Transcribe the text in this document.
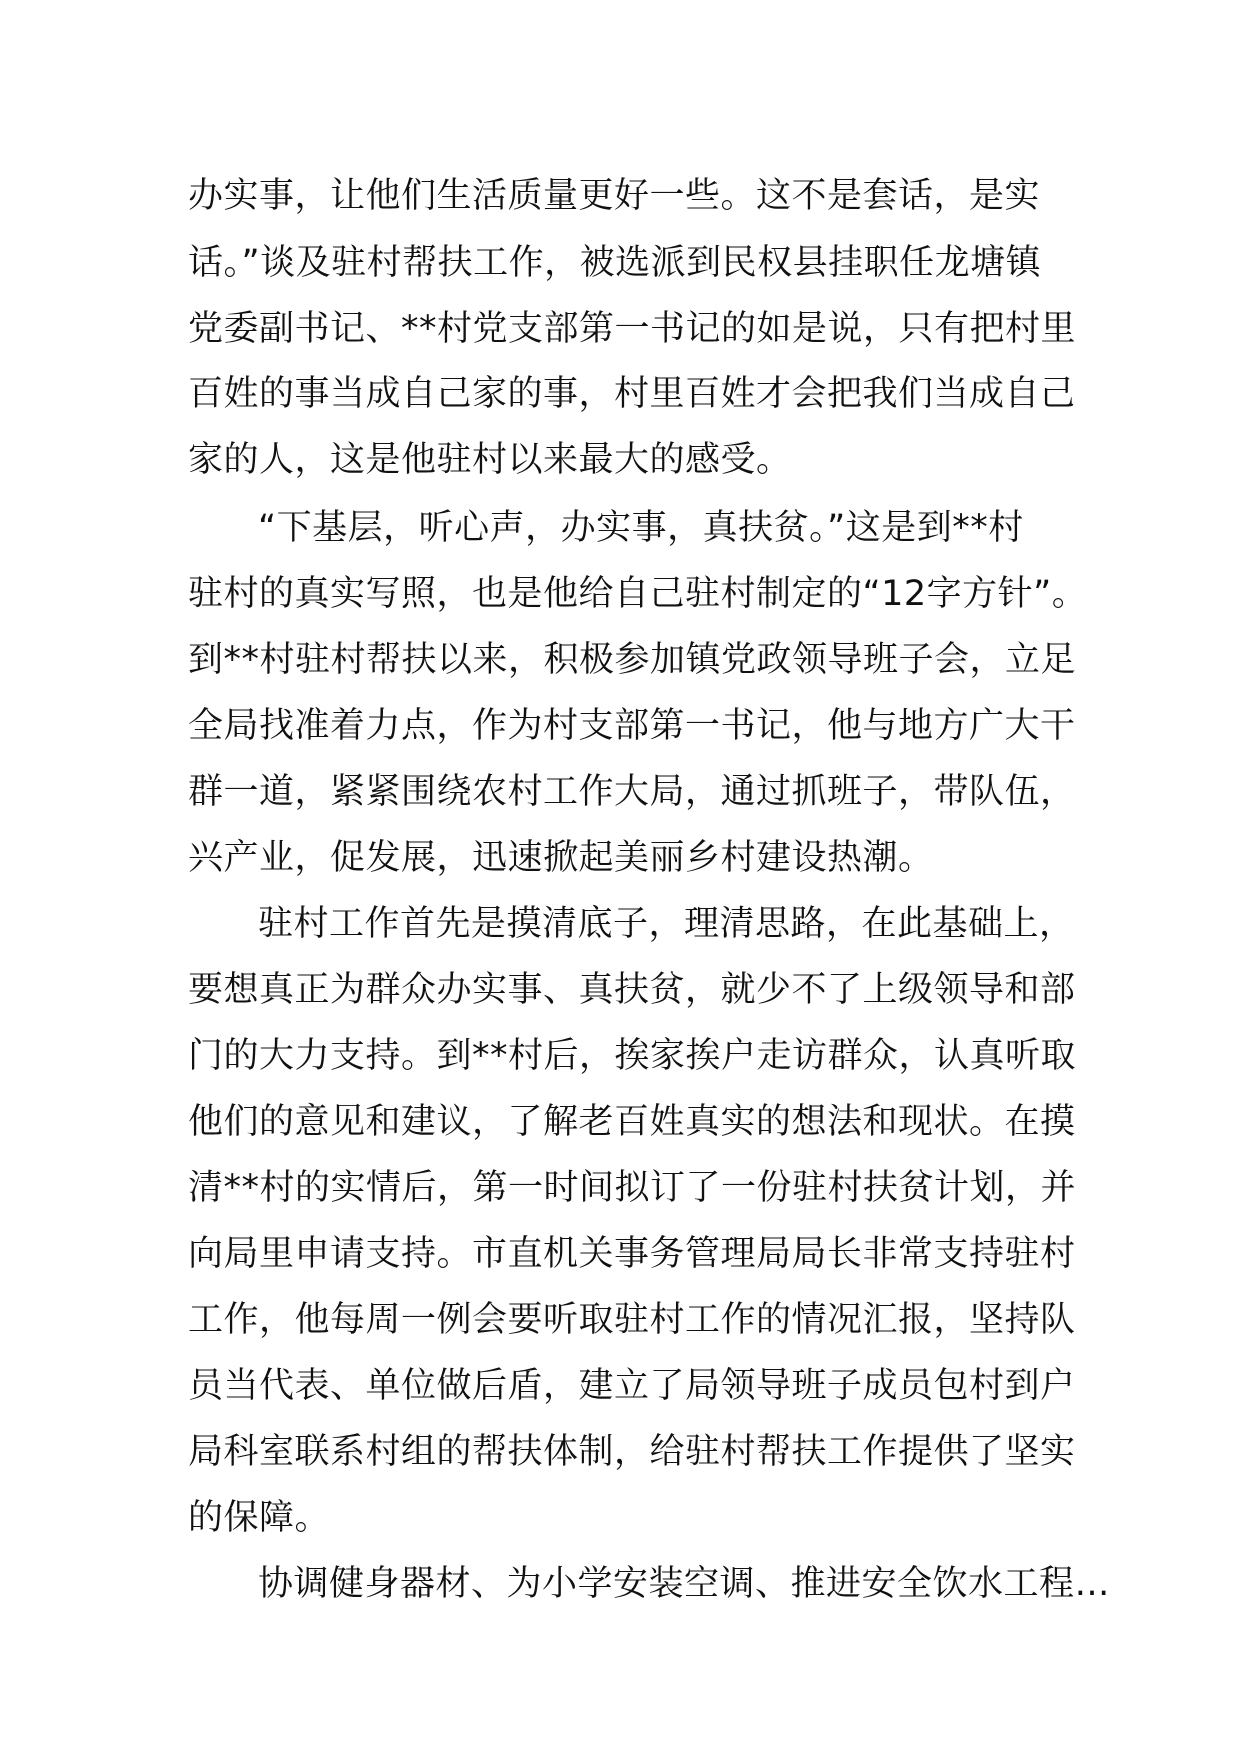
办实事，让他们生活质量更好一些。这不是套话，是实
话。”谈及驻村帮扶工作，被选派到民权县挂职任龙塘镇
党委副书记、**村党支部第一书记的如是说，只有把村里
百姓的事当成自己家的事，村里百姓才会把我们当成自己
家的人，这是他驻村以来最大的感受。
“下基层，听心声，办实事，真扶贫。”这是到**村
驻村的真实写照，也是他给自己驻村制定的“12字方针”。
到**村驻村帮扶以来，积极参加镇党政领导班子会，立足
全局找准着力点，作为村支部第一书记，他与地方广大干
群一道，紧紧围绕农村工作大局，通过抓班子，带队伍，
兴产业，促发展，迅速掀起美丽乡村建设热潮。
驻村工作首先是摸清底子，理清思路，在此基础上，
要想真正为群众办实事、真扶贫，就少不了上级领导和部
门的大力支持。到**村后，挨家挨户走访群众，认真听取
他们的意见和建议，了解老百姓真实的想法和现状。在摸
清**村的实情后，第一时间拟订了一份驻村扶贫计划，并
向局里申请支持。市直机关事务管理局局长非常支持驻村
工作，他每周一例会要听取驻村工作的情况汇报，坚持队
员当代表、单位做后盾，建立了局领导班子成员包村到户
局科室联系村组的帮扶体制，给驻村帮扶工作提供了坚实
的保障。
协调健身器材、为小学安装空调、推进安全饮水工程…
